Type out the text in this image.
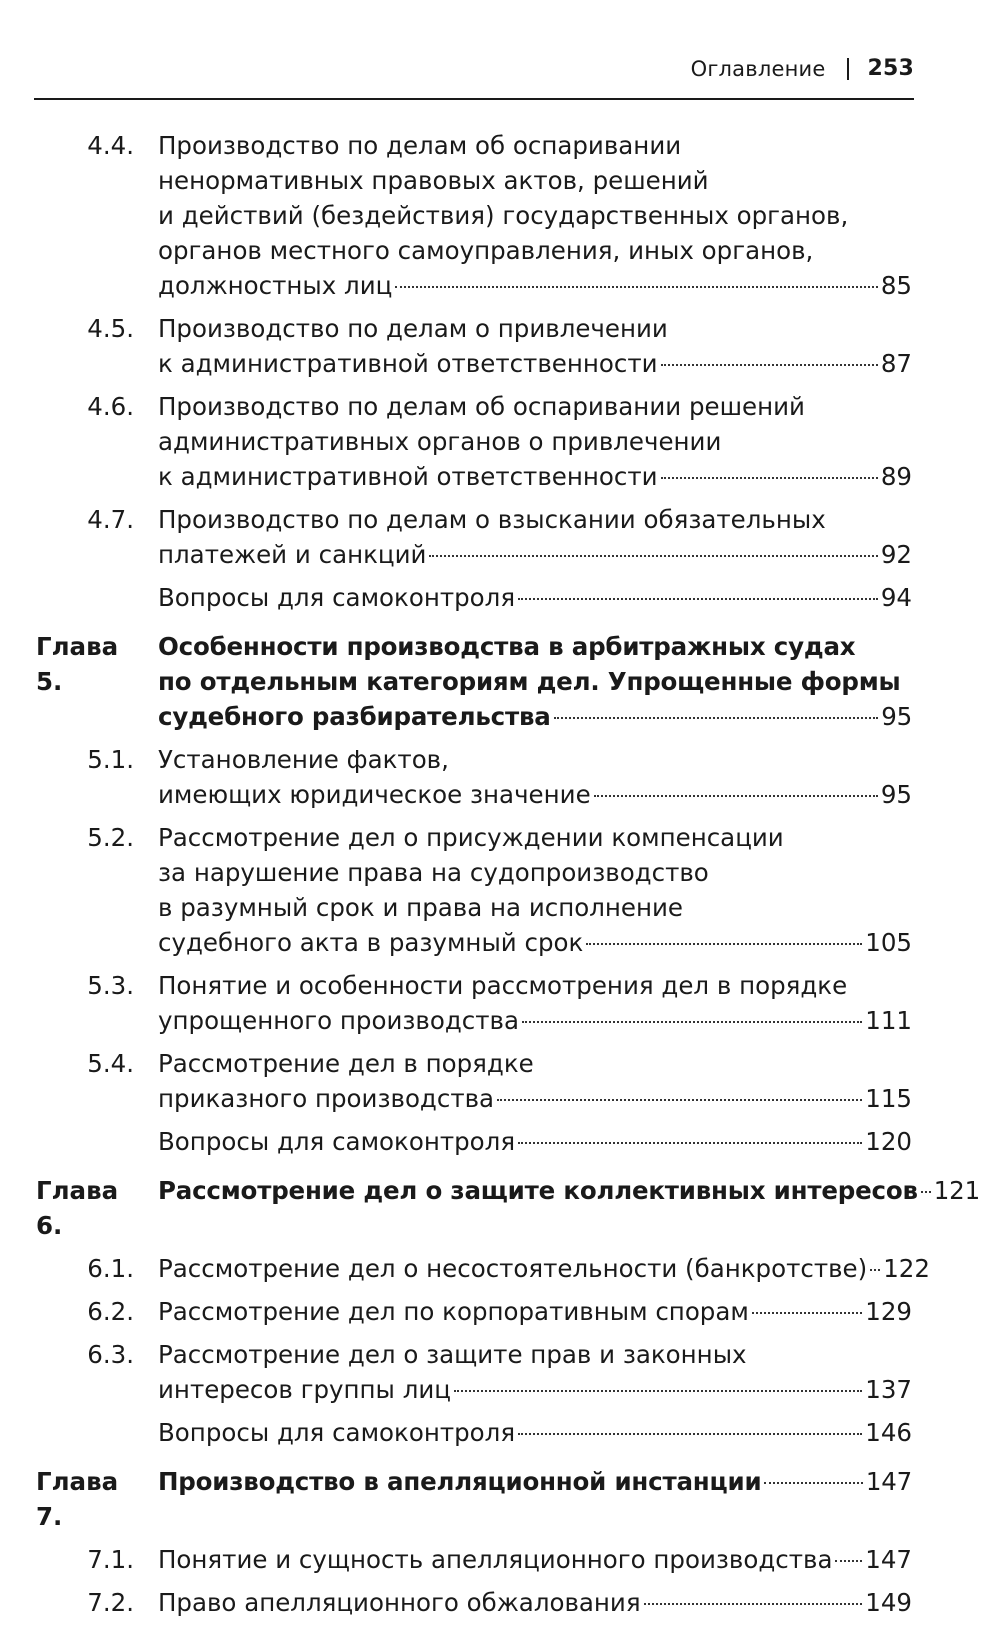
Оглавление 253
4.4. Производство по делам об оспаривании
ненормативных правовых актов, решений
и действий (бездействия) государственных органов,
органов местного самоуправления, иных органов,
должностных лиц	85
4.5. Производство по делам о привлечении
к административной ответственности	87
4.6. Производство по делам об оспаривании решений
административных органов о привлечении
к административной ответственности	89
4.7. Производство по делам о взыскании обязательных
платежей и санкций	92
Вопросы для самоконтроля	94
Глава 5.
Особенности производства в арбитражных судах
по отдельным категориям дел. Упрощенные формы
судебного разбирательства	95
5.1. Установление фактов,
имеющих юридическое значение	95
5.2. Рассмотрение дел о присуждении компенсации
за нарушение права на судопроизводство
в разумный срок и права на исполнение
судебного акта в разумный срок	105
5.3. Понятие и особенности рассмотрения дел в порядке
упрощенного производства	111
5.4. Рассмотрение дел в порядке
приказного производства	115
Вопросы для самоконтроля	120
Глава 6.
Рассмотрение дел о защите коллективных интересов 121
6.1. Рассмотрение дел о несостоятельности (банкротстве) 122
6.2. Рассмотрение дел по корпоративным спорам	129
6.3. Рассмотрение дел о защите прав и законных
интересов группы лиц	137
Вопросы для самоконтроля	146
Глава 7.
Производство в апелляционной инстанции	147
7.1. Понятие и сущность апелляционного производства 147
7.2. Право апелляционного обжалования	149
